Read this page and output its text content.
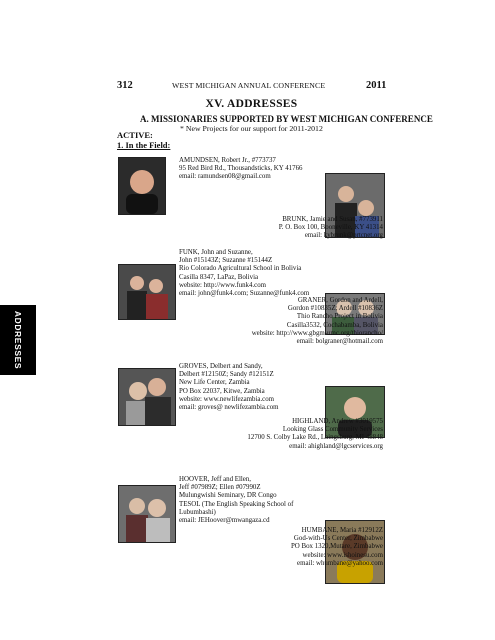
312	WEST MICHIGAN ANNUAL CONFERENCE	2011
XV. ADDRESSES
A. MISSIONARIES SUPPORTED BY WEST MICHIGAN CONFERENCE
* New Projects for our support for 2011-2012
ACTIVE:
1. In the Field:
ADDRESSES
AMUNDSEN, Robert Jr., #773737
95 Red Bird Rd., Thousandsticks, KY 41766
email: ramundsen08@gmail.com
BRUNK, Jamie and Susan, #773911
P. O. Box 100, Booneville, KY 41314
email: kybrunk@prtcnet.org
FUNK, John and Suzanne,
John #15143Z; Suzanne #15144Z
Rio Colorado Agricultural School in Bolivia
Casilla 8347, LaPaz, Bolivia
website: http://www.funk4.com
email: john@funk4.com; Suzanne@funk4.com
GRANER, Gordon and Ardell,
Gordon #10835Z; Ardell #10836Z
Thio Rancho Project in Bolivia
Casilla3532, Cochabamba, Bolivia
website: http://www.gbgm-umc.org/thiorancho/
email: bolgraner@hotmail.com
GROVES, Delbert and Sandy,
Delbert #12150Z; Sandy #12151Z
New Life Center, Zambia
PO Box 22037, Kitwe, Zambia
website: www.newlifezambia.com
email: groves@ newlifezambia.com
HIGHLAND, Andrew #3019575
Looking Glass Community Services
12700 S. Colby Lake Rd., Laingsburg, MI 48848
email: ahighland@lgcservices.org
HOOVER, Jeff and Ellen,
Jeff #07989Z; Ellen #07990Z
Mulungwishi Seminary, DR Congo
TESOL (The English Speaking School of
Lubumbashi)
email: JEHoover@mwangaza.cd
HUMBANE, Maria #12912Z
God-with-Us Center, Zimbabwe
PO Box 1320,Mutare, Zimbabwe
website: www.ishoinesu.com
email: whumbane@yahoo.com
